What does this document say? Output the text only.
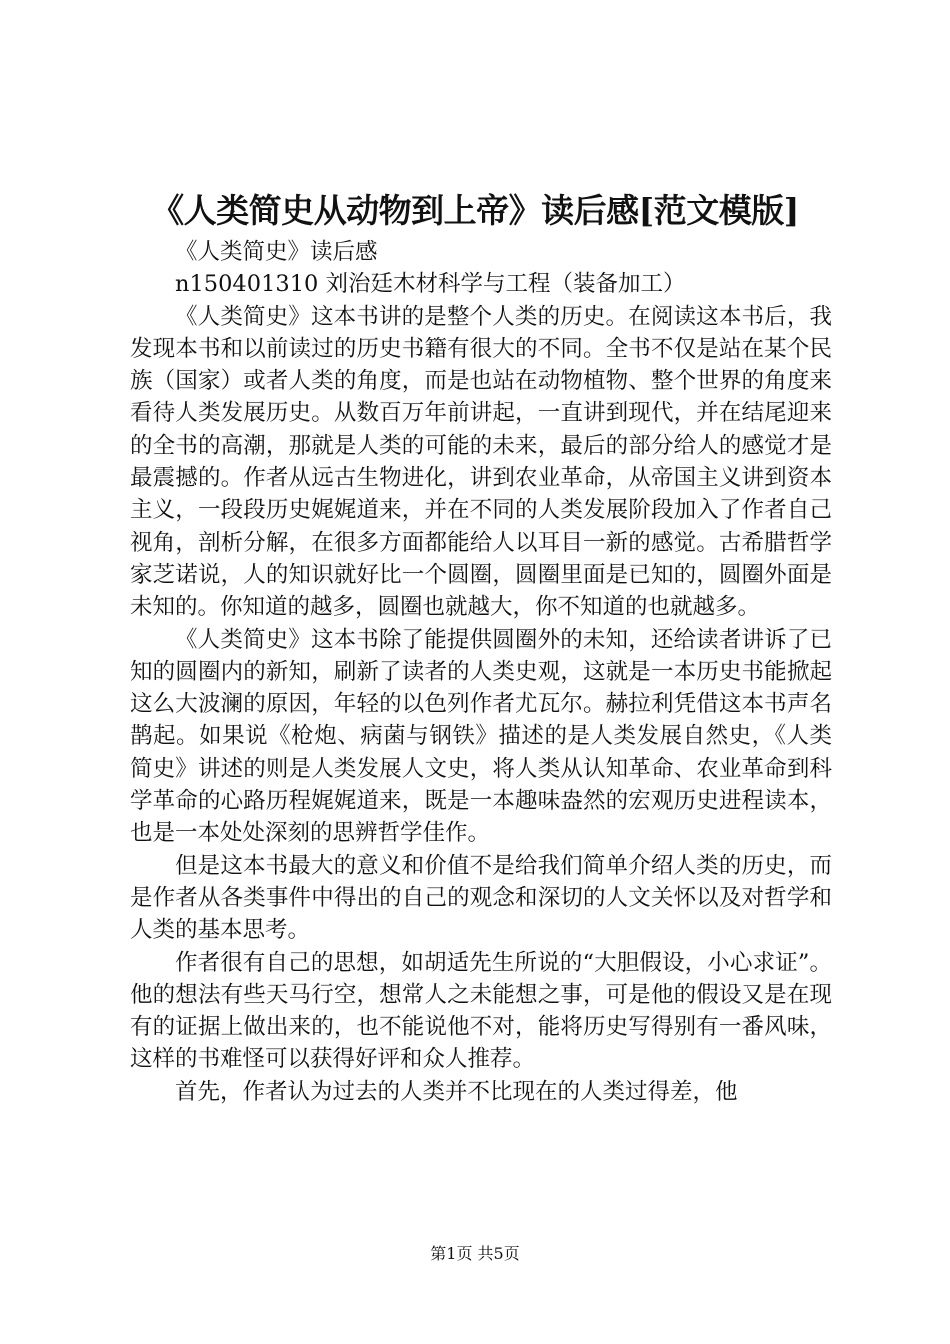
《人类简史从动物到上帝》读后感[范文模版]

《人类简史》读后感

n150401310 刘治廷木材科学与工程（装备加工）

《人类简史》这本书讲的是整个人类的历史。在阅读这本书后，我发现本书和以前读过的历史书籍有很大的不同。全书不仅是站在某个民族（国家）或者人类的角度，而是也站在动物植物、整个世界的角度来看待人类发展历史。从数百万年前讲起，一直讲到现代，并在结尾迎来的全书的高潮，那就是人类的可能的未来，最后的部分给人的感觉才是最震撼的。作者从远古生物进化，讲到农业革命，从帝国主义讲到资本主义，一段段历史娓娓道来，并在不同的人类发展阶段加入了作者自己视角，剖析分解，在很多方面都能给人以耳目一新的感觉。古希腊哲学家芝诺说，人的知识就好比一个圆圈，圆圈里面是已知的，圆圈外面是未知的。你知道的越多，圆圈也就越大，你不知道的也就越多。

《人类简史》这本书除了能提供圆圈外的未知，还给读者讲诉了已知的圆圈内的新知，刷新了读者的人类史观，这就是一本历史书能掀起这么大波澜的原因，年轻的以色列作者尤瓦尔。赫拉利凭借这本书声名鹊起。如果说《枪炮、病菌与钢铁》描述的是人类发展自然史，《人类简史》讲述的则是人类发展人文史，将人类从认知革命、农业革命到科学革命的心路历程娓娓道来，既是一本趣味盎然的宏观历史进程读本，也是一本处处深刻的思辨哲学佳作。

但是这本书最大的意义和价值不是给我们简单介绍人类的历史，而是作者从各类事件中得出的自己的观念和深切的人文关怀以及对哲学和人类的基本思考。

作者很有自己的思想，如胡适先生所说的“大胆假设，小心求证”。他的想法有些天马行空，想常人之未能想之事，可是他的假设又是在现有的证据上做出来的，也不能说他不对，能将历史写得别有一番风味，这样的书难怪可以获得好评和众人推荐。

首先，作者认为过去的人类并不比现在的人类过得差，他

第1页 共5页
